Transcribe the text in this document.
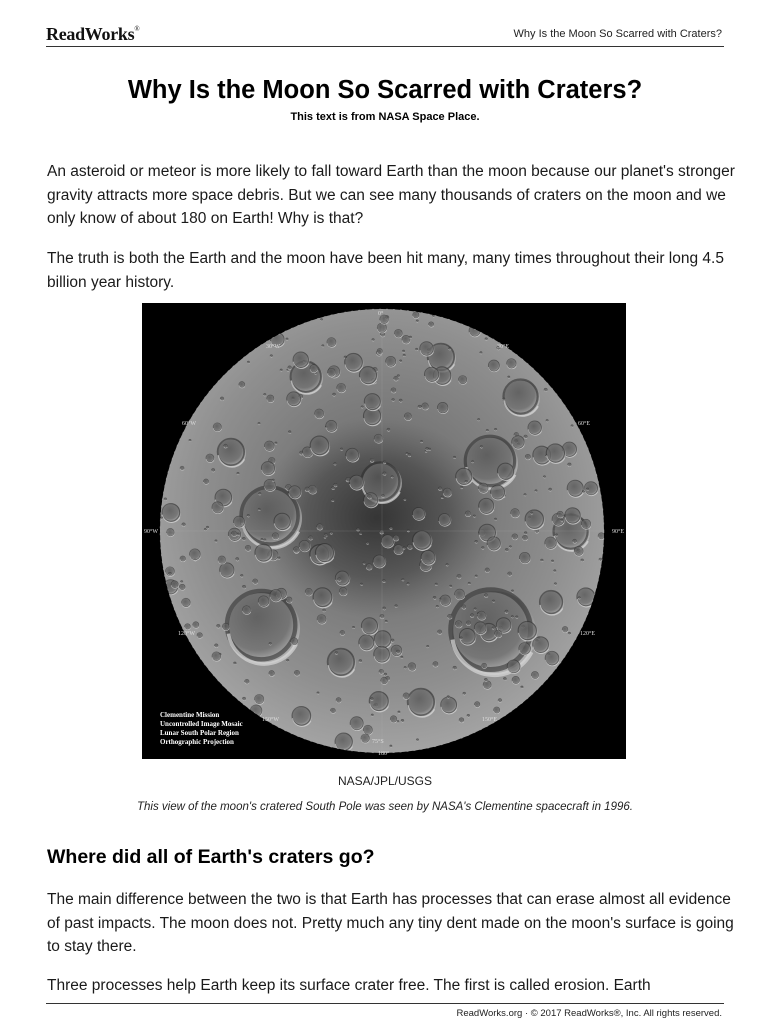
ReadWorks®	Why Is the Moon So Scarred with Craters?
Why Is the Moon So Scarred with Craters?
This text is from NASA Space Place.

An asteroid or meteor is more likely to fall toward Earth than the moon because our planet's stronger gravity attracts more space debris. But we can see many thousands of craters on the moon and we only know of about 180 on Earth! Why is that?

The truth is both the Earth and the moon have been hit many, many times throughout their long 4.5 billion year history.

0°
30°W	30°E
60°W	60°E
90°W	90°E
120°W	120°E
150°W	150°E
75°S
180°
Clementine Mission
Uncontrolled Image Mosaic
Lunar South Polar Region
Orthographic Projection
NASA/JPL/USGS
This view of the moon's cratered South Pole was seen by NASA's Clementine spacecraft in 1996.
Where did all of Earth's craters go?

The main difference between the two is that Earth has processes that can erase almost all evidence of past impacts. The moon does not. Pretty much any tiny dent made on the moon's surface is going to stay there.

Three processes help Earth keep its surface crater free. The first is called erosion. Earth

ReadWorks.org · © 2017 ReadWorks®, Inc. All rights reserved.
